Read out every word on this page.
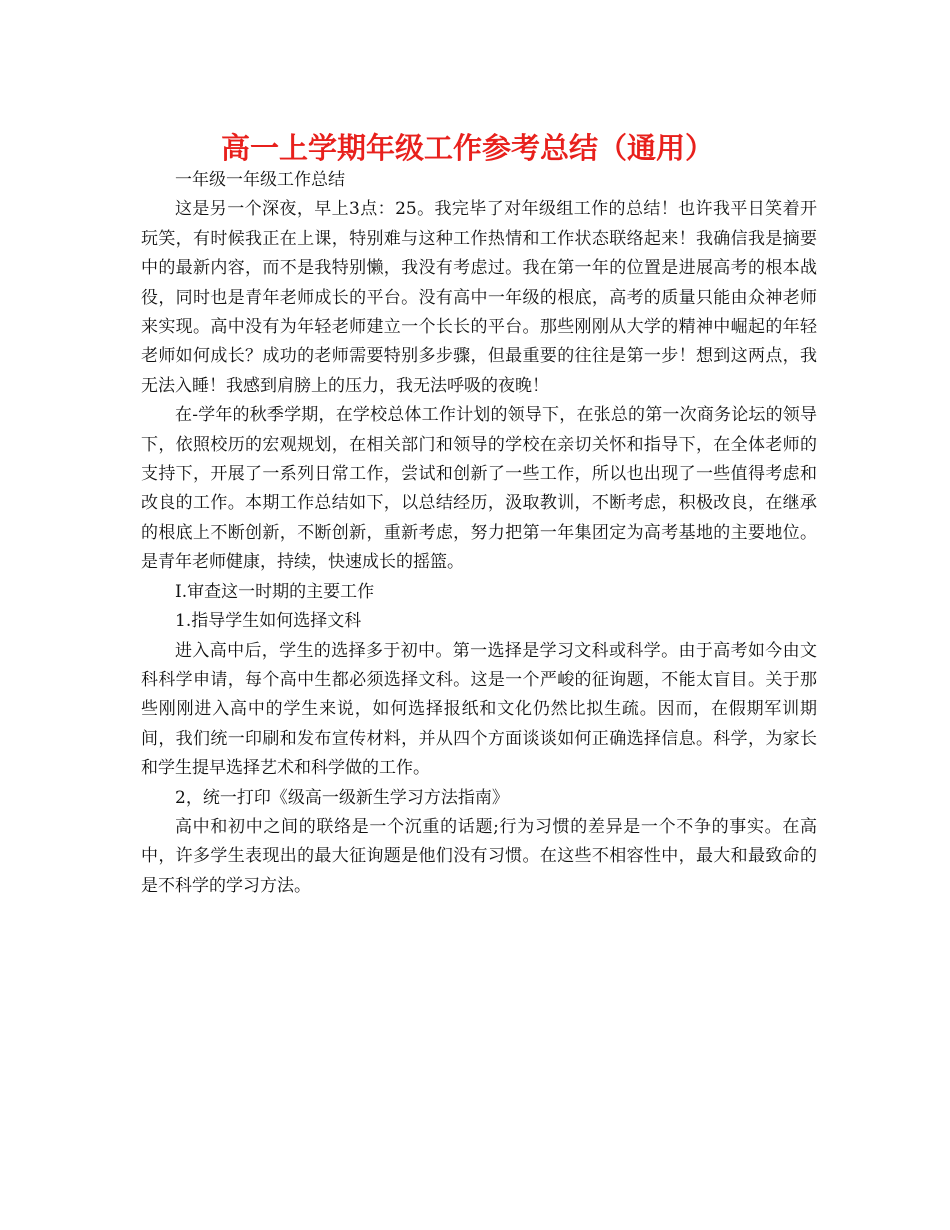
高一上学期年级工作参考总结（通用）

一年级一年级工作总结

这是另一个深夜，早上3点：25。我完毕了对年级组工作的总结！也许我平日笑着开玩笑，有时候我正在上课，特别难与这种工作热情和工作状态联络起来！我确信我是摘要中的最新内容，而不是我特别懒，我没有考虑过。我在第一年的位置是进展高考的根本战役，同时也是青年老师成长的平台。没有高中一年级的根底，高考的质量只能由众神老师来实现。高中没有为年轻老师建立一个长长的平台。那些刚刚从大学的精神中崛起的年轻老师如何成长？成功的老师需要特别多步骤，但最重要的往往是第一步！想到这两点，我无法入睡！我感到肩膀上的压力，我无法呼吸的夜晚！

在-学年的秋季学期，在学校总体工作计划的领导下，在张总的第一次商务论坛的领导下，依照校历的宏观规划，在相关部门和领导的学校在亲切关怀和指导下，在全体老师的支持下，开展了一系列日常工作，尝试和创新了一些工作，所以也出现了一些值得考虑和改良的工作。本期工作总结如下，以总结经历，汲取教训，不断考虑，积极改良，在继承的根底上不断创新，不断创新，重新考虑，努力把第一年集团定为高考基地的主要地位。是青年老师健康，持续，快速成长的摇篮。

I.审查这一时期的主要工作

1.指导学生如何选择文科

进入高中后，学生的选择多于初中。第一选择是学习文科或科学。由于高考如今由文科科学申请，每个高中生都必须选择文科。这是一个严峻的征询题，不能太盲目。关于那些刚刚进入高中的学生来说，如何选择报纸和文化仍然比拟生疏。因而，在假期军训期间，我们统一印刷和发布宣传材料，并从四个方面谈谈如何正确选择信息。科学，为家长和学生提早选择艺术和科学做的工作。

2，统一打印《级高一级新生学习方法指南》

高中和初中之间的联络是一个沉重的话题;行为习惯的差异是一个不争的事实。在高中，许多学生表现出的最大征询题是他们没有习惯。在这些不相容性中，最大和最致命的是不科学的学习方法。
